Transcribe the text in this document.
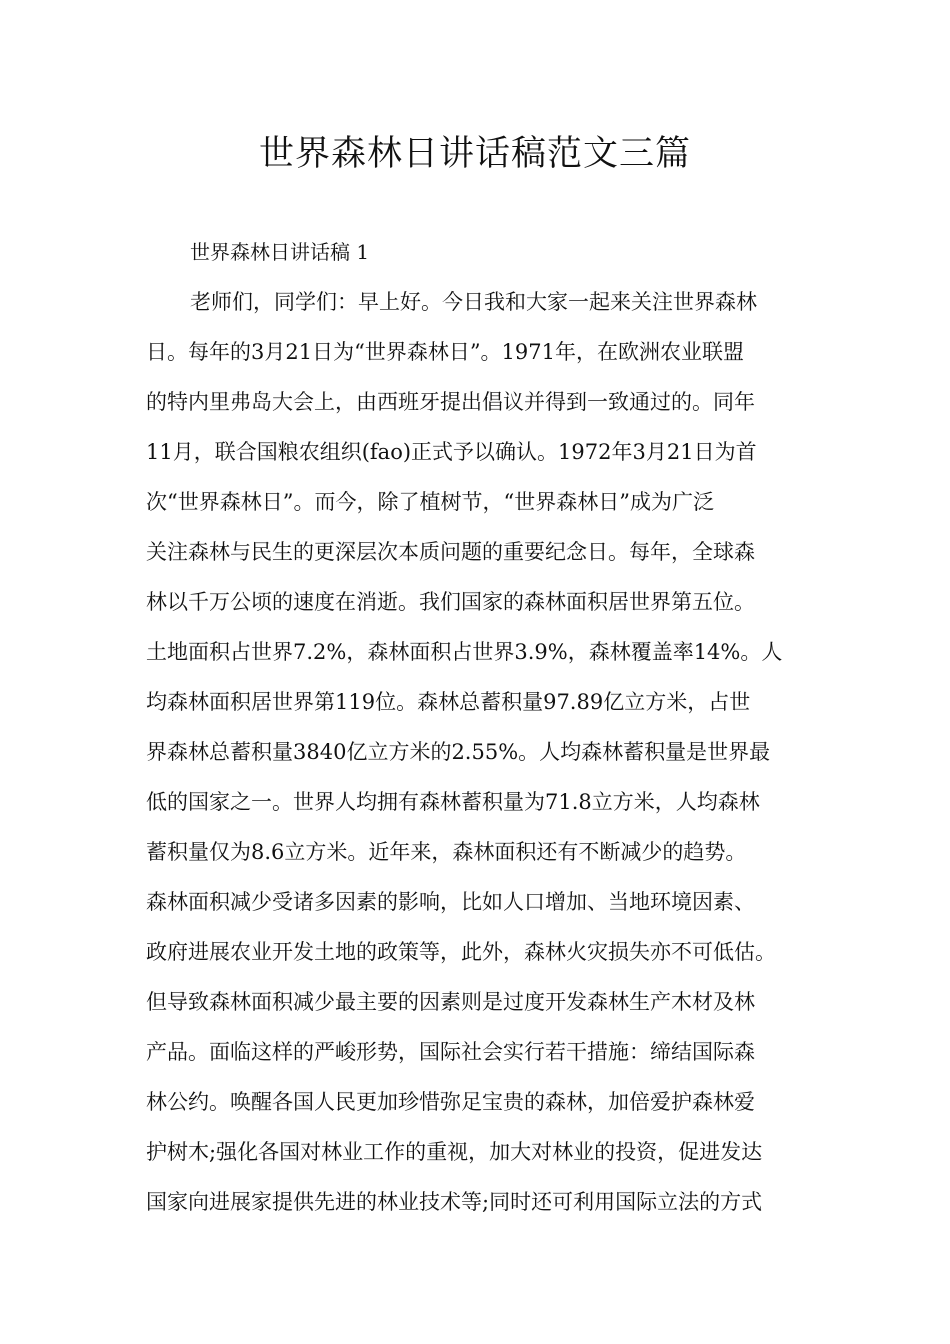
世界森林日讲话稿范文三篇

世界森林日讲话稿 1

老师们，同学们：早上好。今日我和大家一起来关注世界森林
日。每年的3月21日为“世界森林日”。1971年，在欧洲农业联盟
的特内里弗岛大会上，由西班牙提出倡议并得到一致通过的。同年
11月，联合国粮农组织(fao)正式予以确认。1972年3月21日为首
次“世界森林日”。而今，除了植树节，“世界森林日”成为广泛
关注森林与民生的更深层次本质问题的重要纪念日。每年，全球森
林以千万公顷的速度在消逝。我们国家的森林面积居世界第五位。
土地面积占世界7.2%，森林面积占世界3.9%，森林覆盖率14%。人
均森林面积居世界第119位。森林总蓄积量97.89亿立方米，占世
界森林总蓄积量3840亿立方米的2.55%。人均森林蓄积量是世界最
低的国家之一。世界人均拥有森林蓄积量为71.8立方米，人均森林
蓄积量仅为8.6立方米。近年来，森林面积还有不断减少的趋势。
森林面积减少受诸多因素的影响，比如人口增加、当地环境因素、
政府进展农业开发土地的政策等，此外，森林火灾损失亦不可低估。
但导致森林面积减少最主要的因素则是过度开发森林生产木材及林
产品。面临这样的严峻形势，国际社会实行若干措施：缔结国际森
林公约。唤醒各国人民更加珍惜弥足宝贵的森林，加倍爱护森林爱
护树木;强化各国对林业工作的重视，加大对林业的投资，促进发达
国家向进展家提供先进的林业技术等;同时还可利用国际立法的方式
